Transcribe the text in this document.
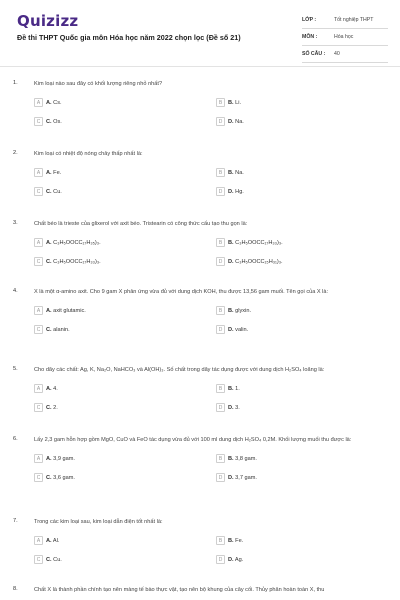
Quizizz
Đề thi THPT Quốc gia môn Hóa học năm 2022 chọn lọc (Đề số 21)
LỚP :	Tốt nghiệp THPT
MÔN :	Hóa học
SỐ CÂU :	40
1.	Kim loại nào sau đây có khối lượng riêng nhỏ nhất?
A	A. Cs.	B	B. Li.
C	C. Os.	D	D. Na.
2.	Kim loại có nhiệt độ nóng chảy thấp nhất là:
A	A. Fe.	B	B. Na.
C	C. Cu.	D	D. Hg.
3.	Chất béo là trieste của glixerol với axit béo. Tristearin có công thức cấu tạo thu gọn là:
A	A. C₃H₅OOCC₁₇H₃₅)₃.	B	B. C₃H₅OOCC₁₇H₃₃)₃.
C	C. C₃H₅OOCC₁₇H₃₃)₃.	D	D. C₃H₅OOCC₁₅H₃₁)₃.
4.	X là một α-amino axit. Cho 9 gam X phản ứng vừa đủ với dung dịch KOH, thu được 13,56 gam muối. Tên gọi của X là:
A	A. axit glutamic.	B	B. glyxin.
C	C. alanin.	D	D. valin.
5.	Cho dãy các chất: Ag, K, Na₂O, NaHCO₃ và Al(OH)₃. Số chất trong dãy tác dụng được với dung dịch H₂SO₄ loãng là:
A	A. 4.	B	B. 1.
C	C. 2.	D	D. 3.
6.	Lấy 2,3 gam hỗn hợp gồm MgO, CuO và FeO tác dụng vừa đủ với 100 ml dung dịch H₂SO₄ 0,2M. Khối lượng muối thu được là:
A	A. 3,9 gam.	B	B. 3,8 gam.
C	C. 3,6 gam.	D	D. 3,7 gam.
7.	Trong các kim loại sau, kim loại dẫn điện tốt nhất là:
A	A. Al.	B	B. Fe.
C	C. Cu.	D	D. Ag.
8.	Chất X là thành phần chính tạo nên màng tế bào thực vật, tạo nên bộ khung của cây cối. Thủy phân hoàn toàn X, thu
